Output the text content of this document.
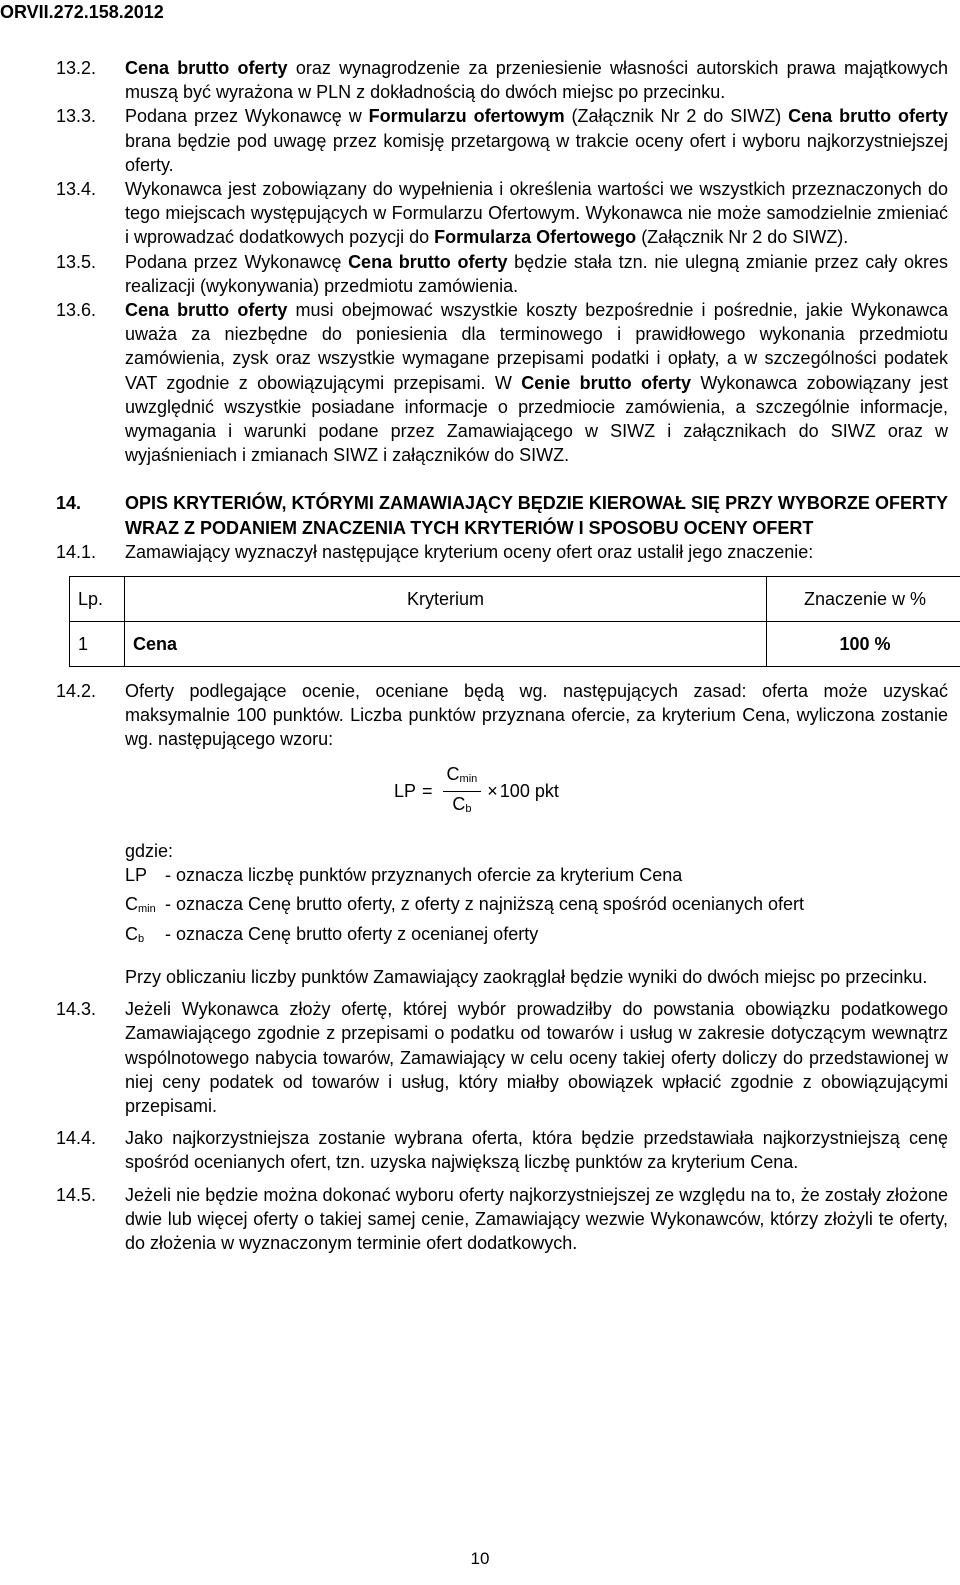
ORVII.272.158.2012
13.2.	Cena brutto oferty oraz wynagrodzenie za przeniesienie własności autorskich prawa majątkowych muszą być wyrażona w PLN z dokładnością do dwóch miejsc po przecinku.
13.3.	Podana przez Wykonawcę w Formularzu ofertowym (Załącznik Nr 2 do SIWZ) Cena brutto oferty brana będzie pod uwagę przez komisję przetargową w trakcie oceny ofert i wyboru najkorzystniejszej oferty.
13.4.	Wykonawca jest zobowiązany do wypełnienia i określenia wartości we wszystkich przeznaczonych do tego miejscach występujących w Formularzu Ofertowym. Wykonawca nie może samodzielnie zmieniać i wprowadzać dodatkowych pozycji do Formularza Ofertowego (Załącznik Nr 2 do SIWZ).
13.5.	Podana przez Wykonawcę Cena brutto oferty będzie stała tzn. nie ulegną zmianie przez cały okres realizacji (wykonywania) przedmiotu zamówienia.
13.6.	Cena brutto oferty musi obejmować wszystkie koszty bezpośrednie i pośrednie, jakie Wykonawca uważa za niezbędne do poniesienia dla terminowego i prawidłowego wykonania przedmiotu zamówienia, zysk oraz wszystkie wymagane przepisami podatki i opłaty, a w szczególności podatek VAT zgodnie z obowiązującymi przepisami. W Cenie brutto oferty Wykonawca zobowiązany jest uwzględnić wszystkie posiadane informacje o przedmiocie zamówienia, a szczególnie informacje, wymagania i warunki podane przez Zamawiającego w SIWZ i załącznikach do SIWZ oraz w wyjaśnieniach i zmianach SIWZ i załączników do SIWZ.
14.	OPIS KRYTERIÓW, KTÓRYMI ZAMAWIAJĄCY BĘDZIE KIEROWAŁ SIĘ PRZY WYBORZE OFERTY WRAZ Z PODANIEM ZNACZENIA TYCH KRYTERIÓW I SPOSOBU OCENY OFERT
14.1.	Zamawiający wyznaczył następujące kryterium oceny ofert oraz ustalił jego znaczenie:
Lp.	Kryterium	Znaczenie w %
1	Cena	100 %
14.2.	Oferty podlegające ocenie, oceniane będą wg. następujących zasad: oferta może uzyskać maksymalnie 100 punktów. Liczba punktów przyznana ofercie, za kryterium Cena, wyliczona zostanie wg. następującego wzoru:
LP = $\frac{C_{min}}{C_b} \times 100$ pkt
gdzie:
LP - oznacza liczbę punktów przyznanych ofercie za kryterium Cena
$C_{min}$ - oznacza Cenę brutto oferty, z oferty z najniższą ceną spośród ocenianych ofert
$C_b$	- oznacza Cenę brutto oferty z ocenianej oferty
Przy obliczaniu liczby punktów Zamawiający zaokrąglał będzie wyniki do dwóch miejsc po przecinku.
14.3.	Jeżeli Wykonawca złoży ofertę, której wybór prowadziłby do powstania obowiązku podatkowego Zamawiającego zgodnie z przepisami o podatku od towarów i usług w zakresie dotyczącym wewnątrz wspólnotowego nabycia towarów, Zamawiający w celu oceny takiej oferty doliczy do przedstawionej w niej ceny podatek od towarów i usług, który miałby obowiązek wpłacić zgodnie z obowiązującymi przepisami.
14.4.	Jako najkorzystniejsza zostanie wybrana oferta, która będzie przedstawiała najkorzystniejszą cenę spośród ocenianych ofert, tzn. uzyska największą liczbę punktów za kryterium Cena.
14.5.	Jeżeli nie będzie można dokonać wyboru oferty najkorzystniejszej ze względu na to, że zostały złożone dwie lub więcej oferty o takiej samej cenie, Zamawiający wezwie Wykonawców, którzy złożyli te oferty, do złożenia w wyznaczonym terminie ofert dodatkowych.
10
